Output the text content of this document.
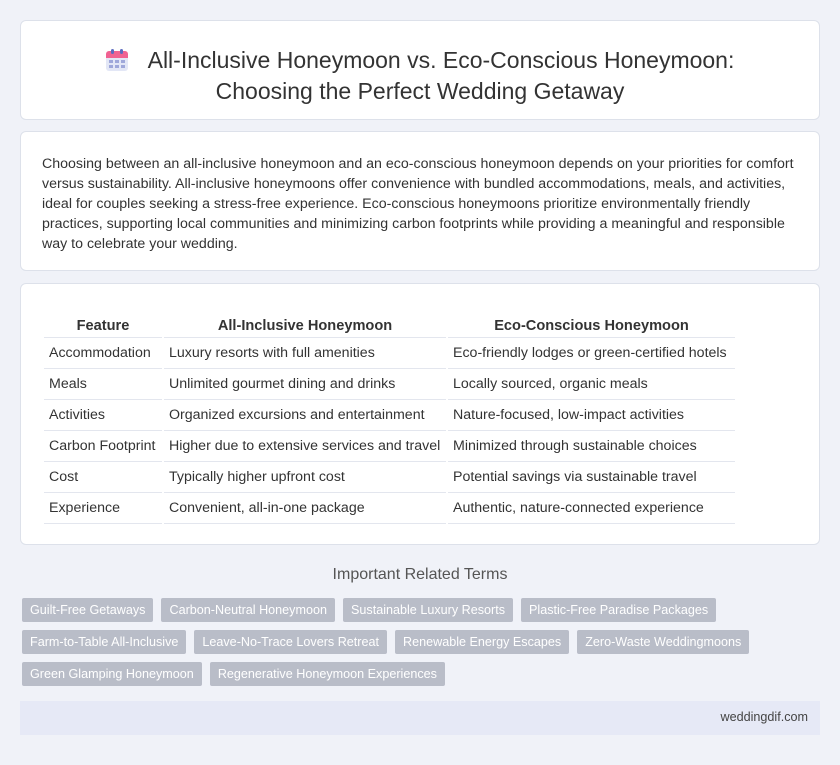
All-Inclusive Honeymoon vs. Eco-Conscious Honeymoon:
Choosing the Perfect Wedding Getaway

Choosing between an all-inclusive honeymoon and an eco-conscious honeymoon depends on your priorities for comfort versus sustainability. All-inclusive honeymoons offer convenience with bundled accommodations, meals, and activities, ideal for couples seeking a stress-free experience. Eco-conscious honeymoons prioritize environmentally friendly practices, supporting local communities and minimizing carbon footprints while providing a meaningful and responsible way to celebrate your wedding.

Feature	All-Inclusive Honeymoon	Eco-Conscious Honeymoon
Accommodation	Luxury resorts with full amenities	Eco-friendly lodges or green-certified hotels
Meals	Unlimited gourmet dining and drinks	Locally sourced, organic meals
Activities	Organized excursions and entertainment	Nature-focused, low-impact activities
Carbon Footprint	Higher due to extensive services and travel	Minimized through sustainable choices
Cost	Typically higher upfront cost	Potential savings via sustainable travel
Experience	Convenient, all-in-one package	Authentic, nature-connected experience
Important Related Terms
Guilt-Free Getaways	Carbon-Neutral Honeymoon	Sustainable Luxury Resorts	Plastic-Free Paradise Packages
Farm-to-Table All-Inclusive	Leave-No-Trace Lovers Retreat	Renewable Energy Escapes	Zero-Waste Weddingmoons
Green Glamping Honeymoon	Regenerative Honeymoon Experiences
weddingdif.com
